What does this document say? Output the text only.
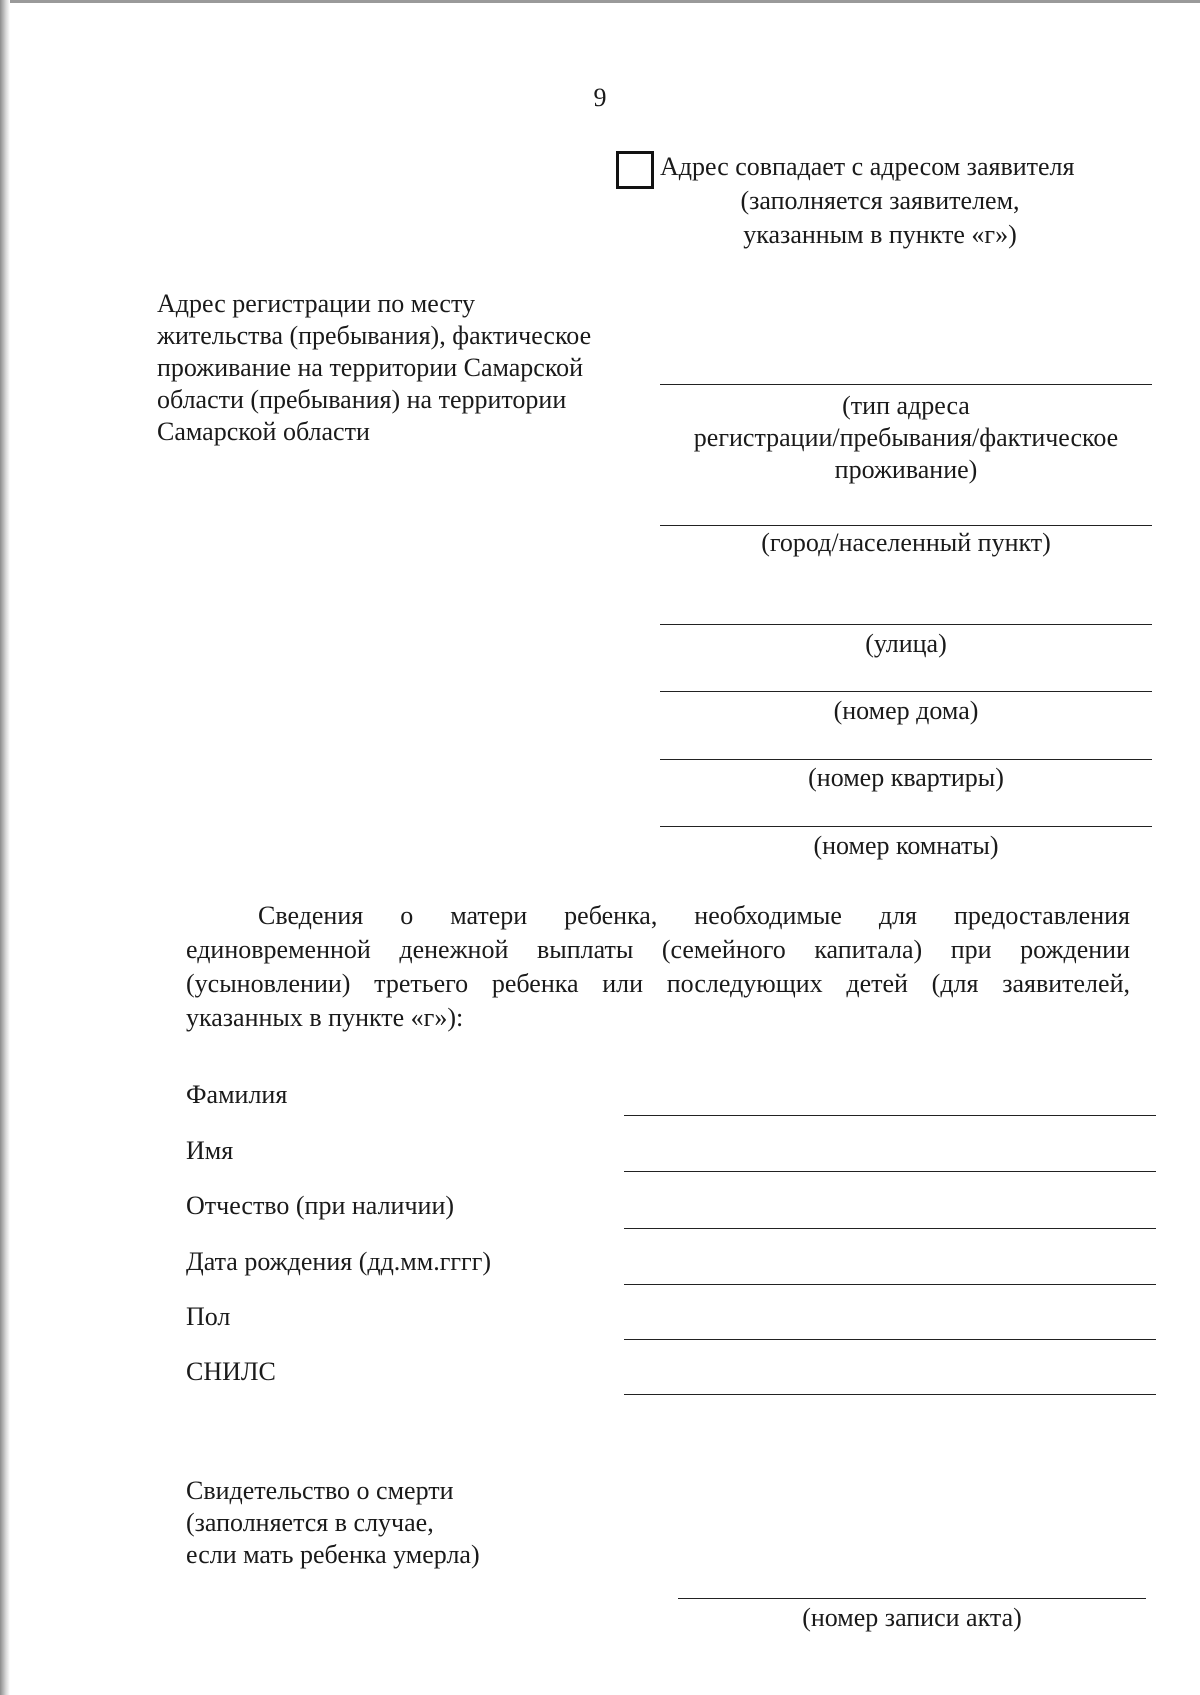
9
Адрес совпадает с адресом заявителя
(заполняется заявителем,
указанным в пункте «г»)
Адрес регистрации по месту
жительства (пребывания), фактическое
проживание на территории Самарской
области (пребывания) на территории
Самарской области
(тип адреса
регистрации/пребывания/фактическое
проживание)
(город/населенный пункт)
(улица)
(номер дома)
(номер квартиры)
(номер комнаты)
Сведения о матери ребенка, необходимые для предоставления единовременной денежной выплаты (семейного капитала) при рождении (усыновлении) третьего ребенка или последующих детей (для заявителей, указанных в пункте «г»):
Фамилия
Имя
Отчество (при наличии)
Дата рождения (дд.мм.гггг)
Пол
СНИЛС
Свидетельство о смерти
(заполняется в случае,
если мать ребенка умерла)
(номер записи акта)
